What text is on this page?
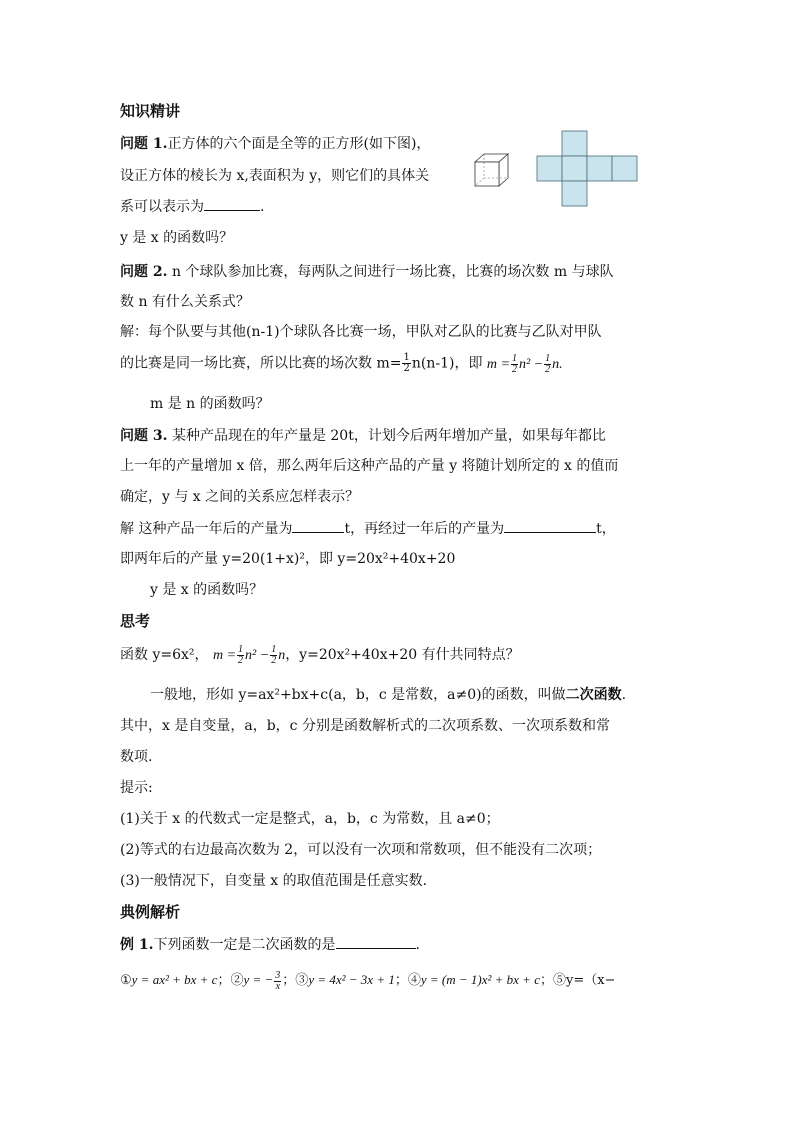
知识精讲
问题 1.正方体的六个面是全等的正方形(如下图)，
设正方体的棱长为 x,表面积为 y，则它们的具体关
系可以表示为	.
y 是 x 的函数吗？
问题 2. n 个球队参加比赛，每两队之间进行一场比赛，比赛的场次数 m 与球队
数 n 有什么关系式？
解：每个队要与其他(n-1)个球队各比赛一场，甲队对乙队的比赛与乙队对甲队
的比赛是同一场比赛，所以比赛的场次数 $m= \frac{1}{2} n(n-1)$，即 $m = \frac{1}{2} n^2 - \frac{1}{2} n$.
m 是 n 的函数吗？
问题 3. 某种产品现在的年产量是 20t，计划今后两年增加产量，如果每年都比
上一年的产量增加 x 倍，那么两年后这种产品的产量 y 将随计划所定的 x 的值而
确定，y 与 x 之间的关系应怎样表示？
解 这种产品一年后的产量为	t，再经过一年后的产量为	t，
即两年后的产量 y=20(1+x)²，即 y=20x²+40x+20
y 是 x 的函数吗？
思考
函数 y=6x²， $m = \frac{1}{2} n^2 - \frac{1}{2}$ n，y=20x²+40x+20 有什共同特点？
一般地，形如 y=ax²+bx+c(a，b，c 是常数，a≠0)的函数，叫做二次函数.
其中，x 是自变量，a，b，c 分别是函数解析式的二次项系数、一次项系数和常
数项.
提示:
(1)关于 x 的代数式一定是整式，a，b，c 为常数，且 a≠0；
(2)等式的右边最高次数为 2，可以没有一次项和常数项，但不能没有二次项；
(3)一般情况下，自变量 x 的取值范围是任意实数.
典例解析
例 1.下列函数一定是二次函数的是	.
①y = ax² + bx + c；②y = − $\frac{3}{x}$ ；③y = 4x² − 3x + 1；④y = (m − 1)x² + bx + c；⑤y=（x−
